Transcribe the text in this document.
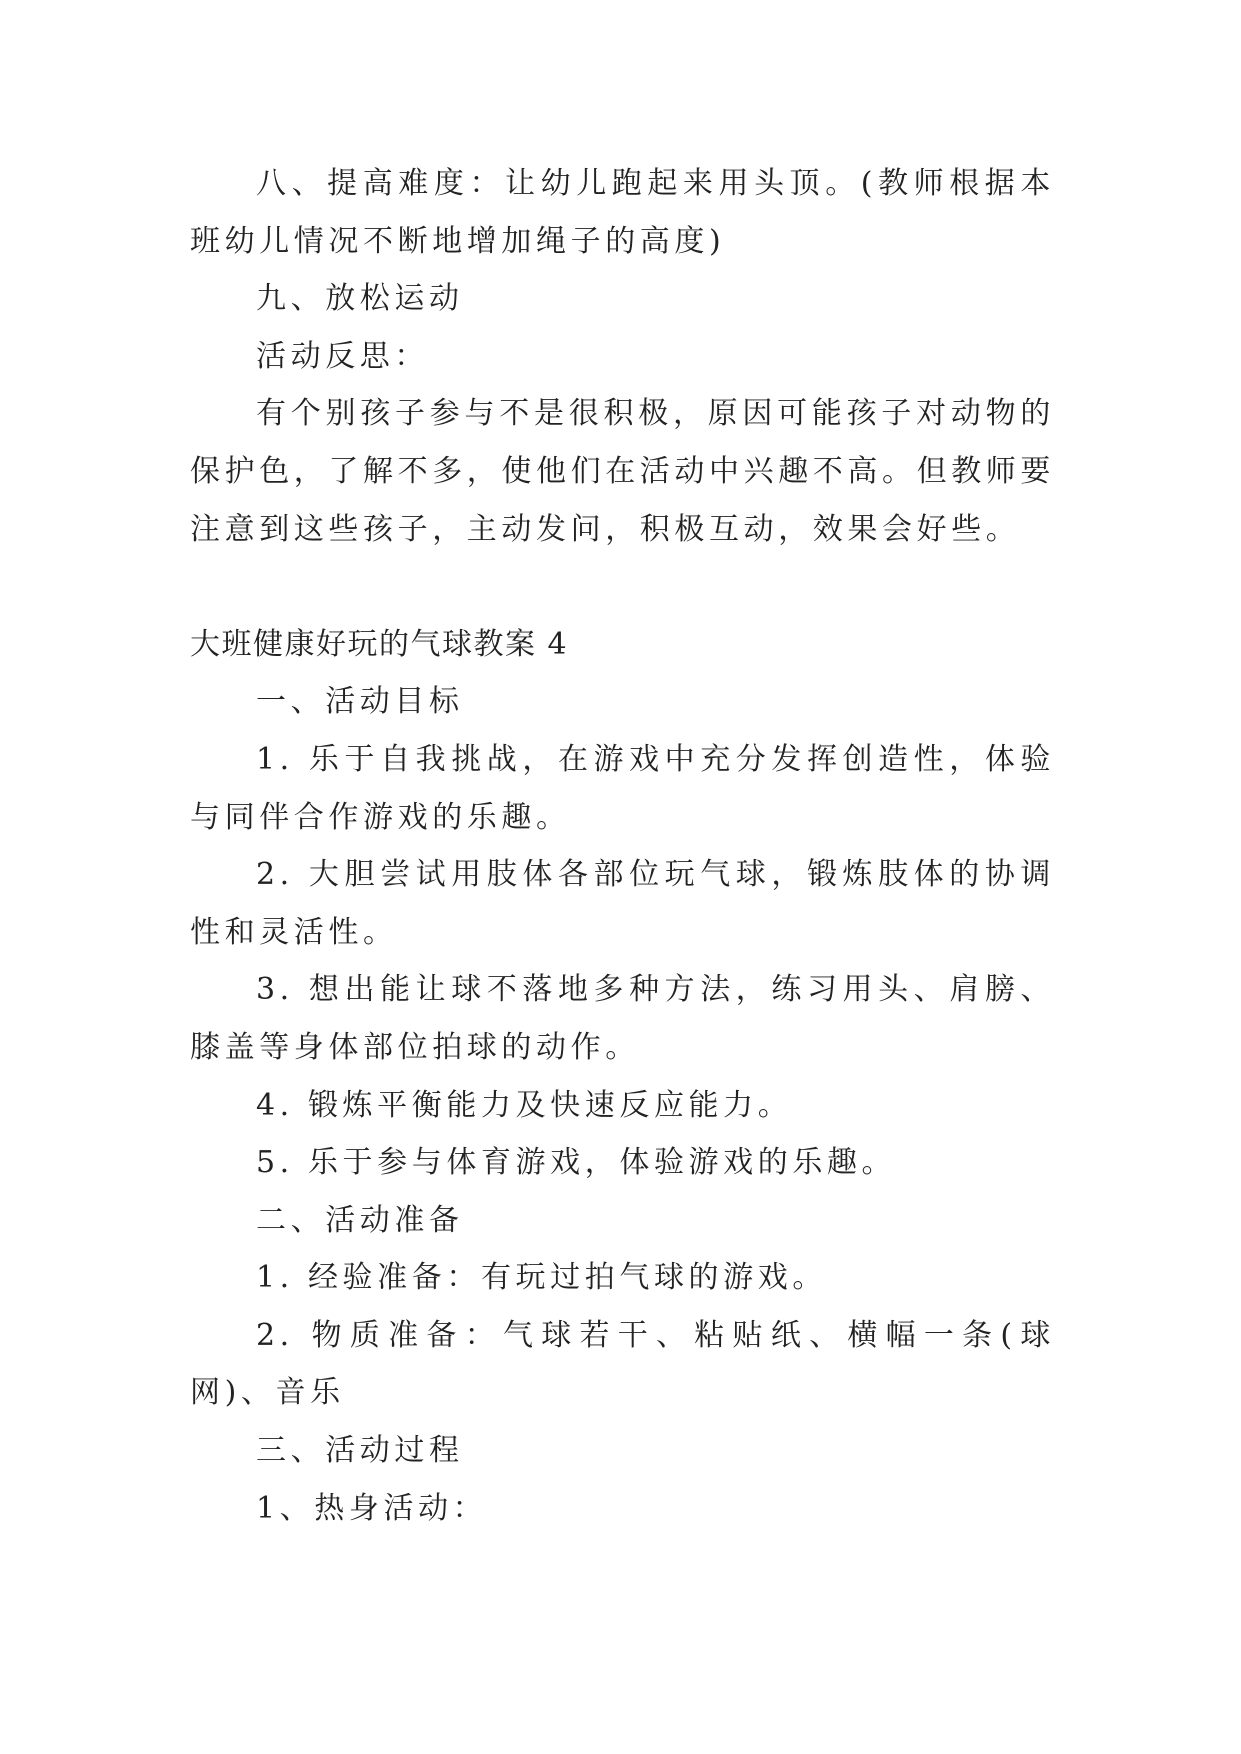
八、提高难度：让幼儿跑起来用头顶。(教师根据本班幼儿情况不断地增加绳子的高度)

九、放松运动

活动反思：

有个别孩子参与不是很积极，原因可能孩子对动物的保护色，了解不多，使他们在活动中兴趣不高。但教师要注意到这些孩子，主动发问，积极互动，效果会好些。

大班健康好玩的气球教案 4

一、活动目标

1. 乐于自我挑战，在游戏中充分发挥创造性，体验与同伴合作游戏的乐趣。

2. 大胆尝试用肢体各部位玩气球，锻炼肢体的协调性和灵活性。

3. 想出能让球不落地多种方法，练习用头、肩膀、膝盖等身体部位拍球的动作。

4. 锻炼平衡能力及快速反应能力。

5. 乐于参与体育游戏，体验游戏的乐趣。

二、活动准备

1. 经验准备：有玩过拍气球的游戏。

2. 物质准备：气球若干、粘贴纸、横幅一条(球网)、音乐

三、活动过程

1、热身活动：
